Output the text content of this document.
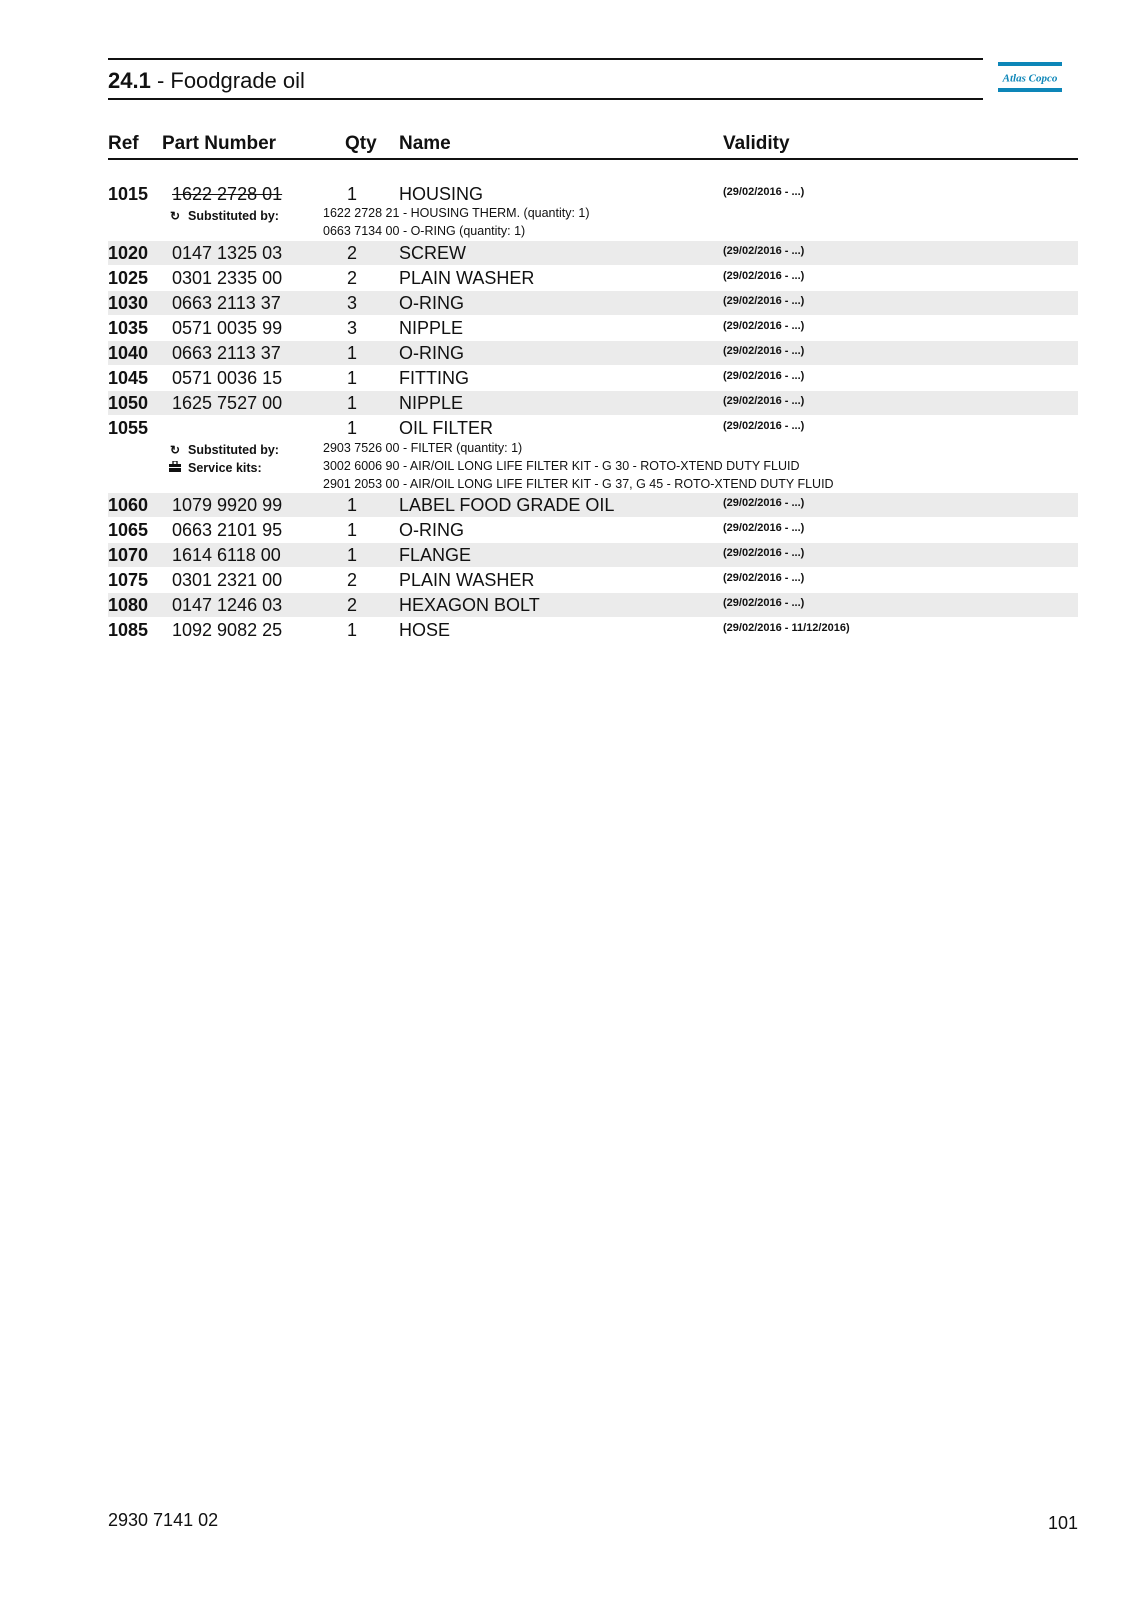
24.1 - Foodgrade oil	Atlas Copco
Ref Part Number	Qty Name	Validity
1015 1622 2728 01	1 HOUSING	(29/02/2016 - ...)
↻ Substituted by:	1622 2728 21 - HOUSING THERM. (quantity: 1)
0663 7134 00 - O-RING (quantity: 1)
1020 0147 1325 03	2 SCREW	(29/02/2016 - ...)
1025 0301 2335 00	2 PLAIN WASHER	(29/02/2016 - ...)
1030 0663 2113 37	3 O-RING	(29/02/2016 - ...)
1035 0571 0035 99	3 NIPPLE	(29/02/2016 - ...)
1040 0663 2113 37	1 O-RING	(29/02/2016 - ...)
1045 0571 0036 15	1 FITTING	(29/02/2016 - ...)
1050 1625 7527 00	1 NIPPLE	(29/02/2016 - ...)
1055	1 OIL FILTER	(29/02/2016 - ...)
↻ Substituted by:	2903 7526 00 - FILTER (quantity: 1)
Service kits:	3002 6006 90 - AIR/OIL LONG LIFE FILTER KIT - G 30 - ROTO-XTEND DUTY FLUID
2901 2053 00 - AIR/OIL LONG LIFE FILTER KIT - G 37, G 45 - ROTO-XTEND DUTY FLUID
1060 1079 9920 99	1 LABEL FOOD GRADE OIL	(29/02/2016 - ...)
1065 0663 2101 95	1 O-RING	(29/02/2016 - ...)
1070 1614 6118 00	1 FLANGE	(29/02/2016 - ...)
1075 0301 2321 00	2 PLAIN WASHER	(29/02/2016 - ...)
1080 0147 1246 03	2 HEXAGON BOLT	(29/02/2016 - ...)
1085 1092 9082 25	1 HOSE	(29/02/2016 - 11/12/2016)
2930 7141 02	101
